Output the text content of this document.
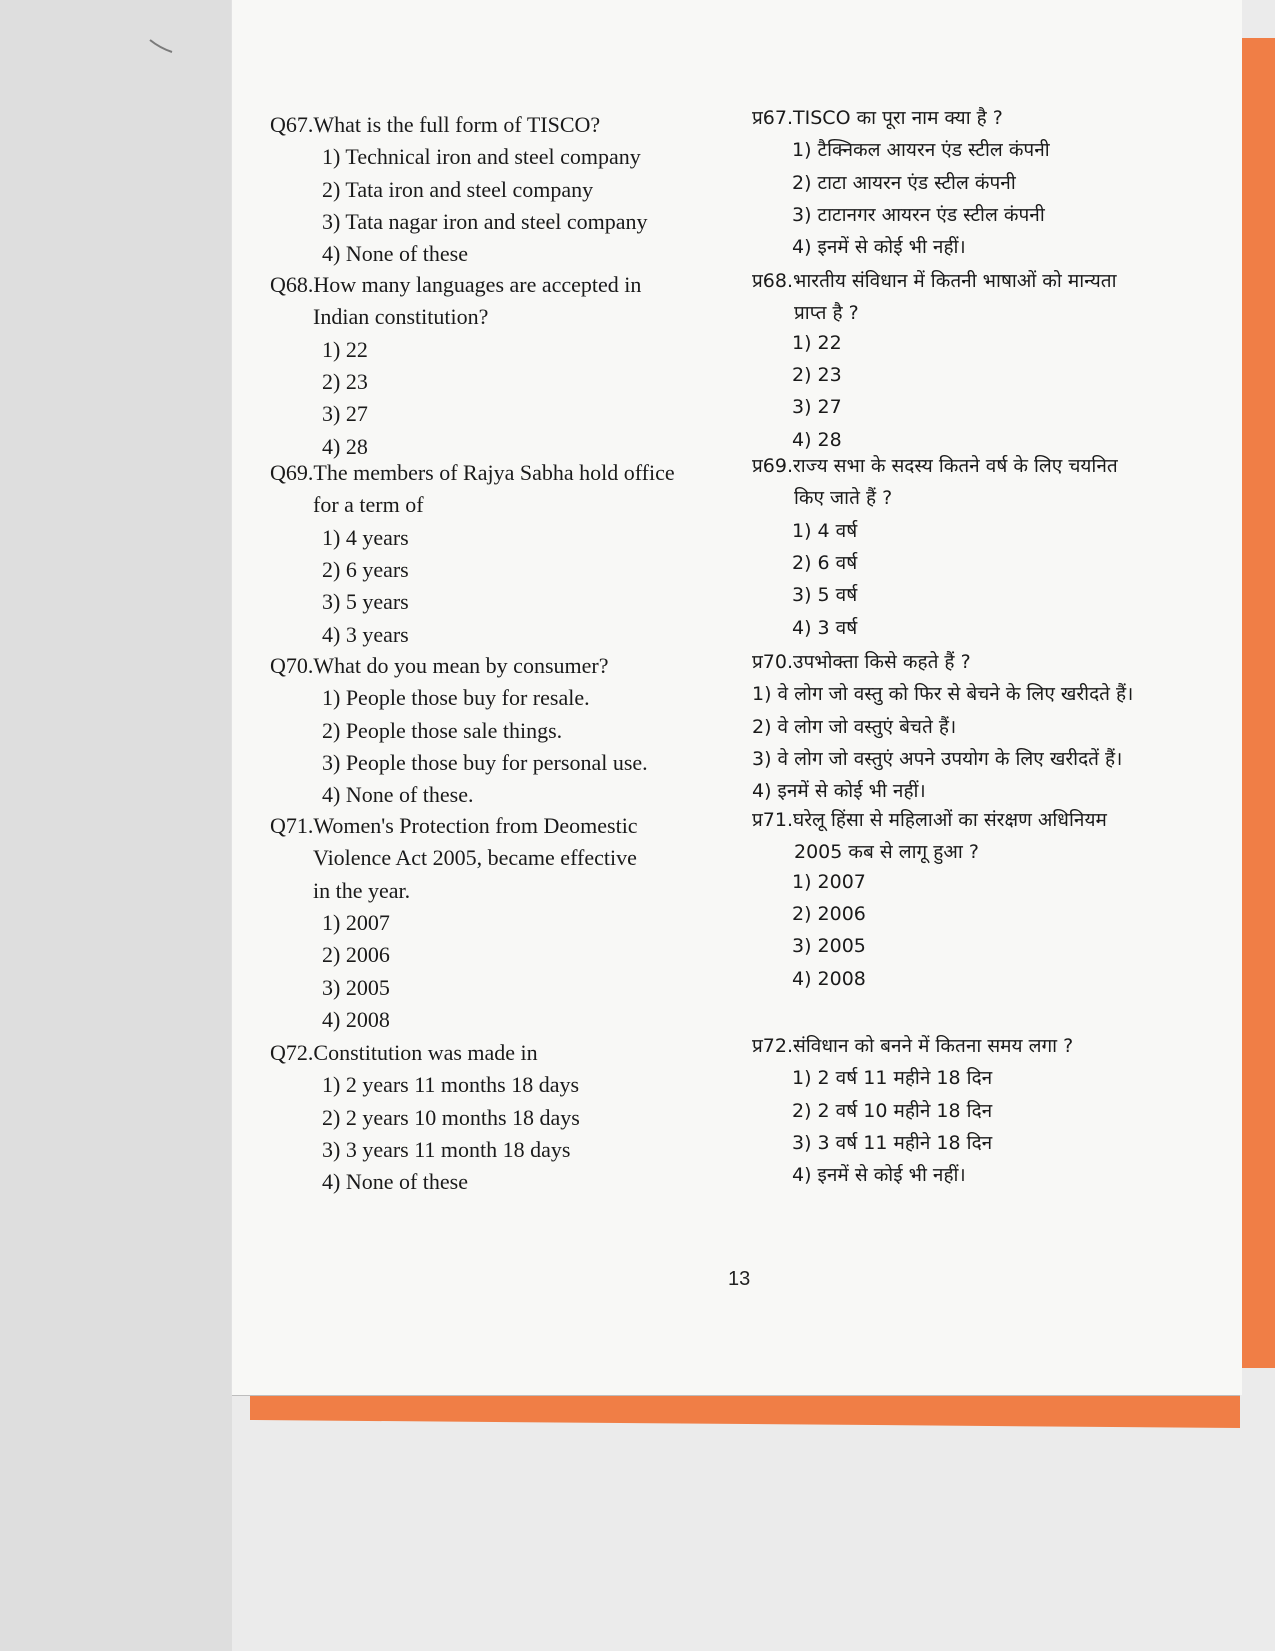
Q67.What is the full form of TISCO?
1) Technical iron and steel company
2) Tata iron and steel company
3) Tata nagar iron and steel company
4) None of these
Q68.How many languages are accepted in
Indian constitution?
1) 22
2) 23
3) 27
4) 28
Q69.The members of Rajya Sabha hold office
for a term of
1) 4 years
2) 6 years
3) 5 years
4) 3 years
Q70.What do you mean by consumer?
1) People those buy for resale.
2) People those sale things.
3) People those buy for personal use.
4) None of these.
Q71.Women's Protection from Deomestic
Violence Act 2005, became effective
in the year.
1) 2007
2) 2006
3) 2005
4) 2008
Q72.Constitution was made in
1) 2 years 11 months 18 days
2) 2 years 10 months 18 days
3) 3 years 11 month 18 days
4) None of these
प्र67.TISCO का पूरा नाम क्या है ?
1) टैक्निकल आयरन एंड स्टील कंपनी
2) टाटा आयरन एंड स्टील कंपनी
3) टाटानगर आयरन एंड स्टील कंपनी
4) इनमें से कोई भी नहीं।
प्र68.भारतीय संविधान में कितनी भाषाओं को मान्यता
प्राप्त है ?
1) 22
2) 23
3) 27
4) 28
प्र69.राज्य सभा के सदस्य कितने वर्ष के लिए चयनित
किए जाते हैं ?
1) 4 वर्ष
2) 6 वर्ष
3) 5 वर्ष
4) 3 वर्ष
प्र70.उपभोक्ता किसे कहते हैं ?
1) वे लोग जो वस्तु को फिर से बेचने के लिए खरीदते हैं।
2) वे लोग जो वस्तुएं बेचते हैं।
3) वे लोग जो वस्तुएं अपने उपयोग के लिए खरीदतें हैं।
4) इनमें से कोई भी नहीं।
प्र71.घरेलू हिंसा से महिलाओं का संरक्षण अधिनियम
2005 कब से लागू हुआ ?
1) 2007
2) 2006
3) 2005
4) 2008
प्र72.संविधान को बनने में कितना समय लगा ?
1) 2 वर्ष 11 महीने 18 दिन
2) 2 वर्ष 10 महीने 18 दिन
3) 3 वर्ष 11 महीने 18 दिन
4) इनमें से कोई भी नहीं।
13
